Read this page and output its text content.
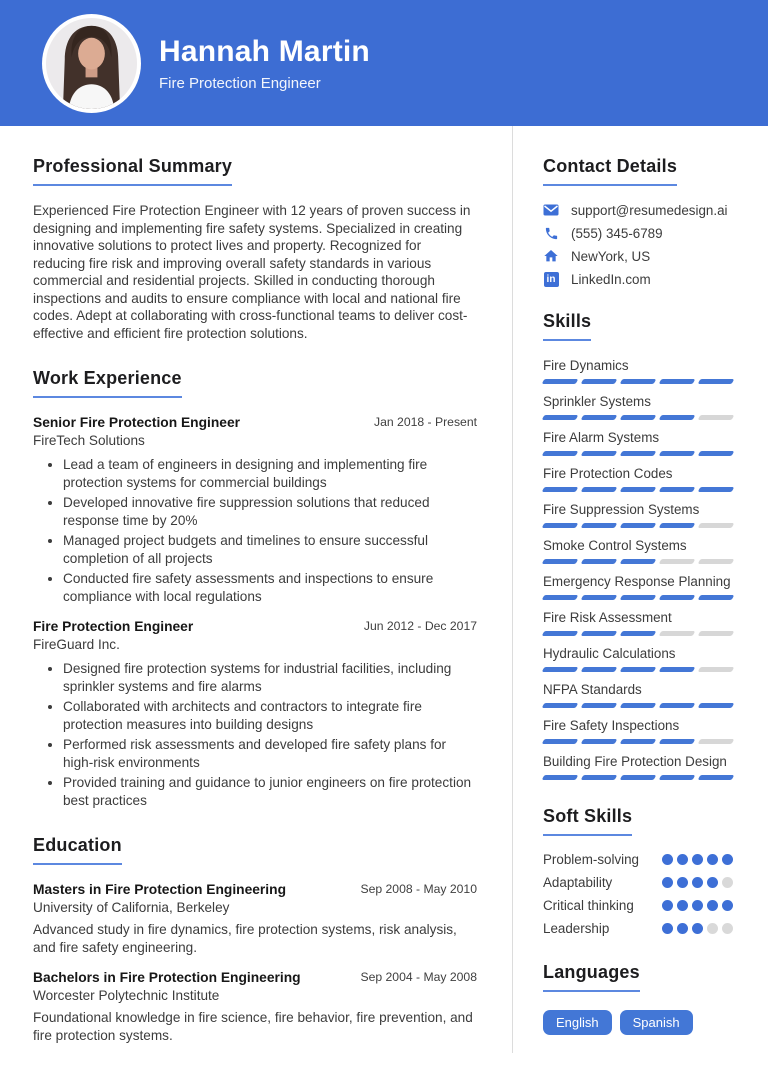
Hannah Martin
Fire Protection Engineer
Professional Summary
Experienced Fire Protection Engineer with 12 years of proven success in designing and implementing fire safety systems. Specialized in creating innovative solutions to protect lives and property. Recognized for reducing fire risk and improving overall safety standards in various commercial and residential projects. Skilled in conducting thorough inspections and audits to ensure compliance with local and national fire codes. Adept at collaborating with cross-functional teams to deliver cost-effective and efficient fire protection solutions.
Work Experience
Senior Fire Protection Engineer	Jan 2018 - Present
FireTech Solutions
• Lead a team of engineers in designing and implementing fire protection systems for commercial buildings
• Developed innovative fire suppression solutions that reduced response time by 20%
• Managed project budgets and timelines to ensure successful completion of all projects
• Conducted fire safety assessments and inspections to ensure compliance with local regulations
Fire Protection Engineer	Jun 2012 - Dec 2017
FireGuard Inc.
• Designed fire protection systems for industrial facilities, including sprinkler systems and fire alarms
• Collaborated with architects and contractors to integrate fire protection measures into building designs
• Performed risk assessments and developed fire safety plans for high-risk environments
• Provided training and guidance to junior engineers on fire protection best practices
Education
Masters in Fire Protection Engineering	Sep 2008 - May 2010
University of California, Berkeley
Advanced study in fire dynamics, fire protection systems, risk analysis, and fire safety engineering.
Bachelors in Fire Protection Engineering	Sep 2004 - May 2008
Worcester Polytechnic Institute
Foundational knowledge in fire science, fire behavior, fire prevention, and fire protection systems.
Contact Details
support@resumedesign.ai
(555) 345-6789
NewYork, US
in LinkedIn.com
Skills
Fire Dynamics
Sprinkler Systems
Fire Alarm Systems
Fire Protection Codes
Fire Suppression Systems
Smoke Control Systems
Emergency Response Planning
Fire Risk Assessment
Hydraulic Calculations
NFPA Standards
Fire Safety Inspections
Building Fire Protection Design
Soft Skills
Problem-solving
Adaptability
Critical thinking
Leadership
Languages
English	Spanish
